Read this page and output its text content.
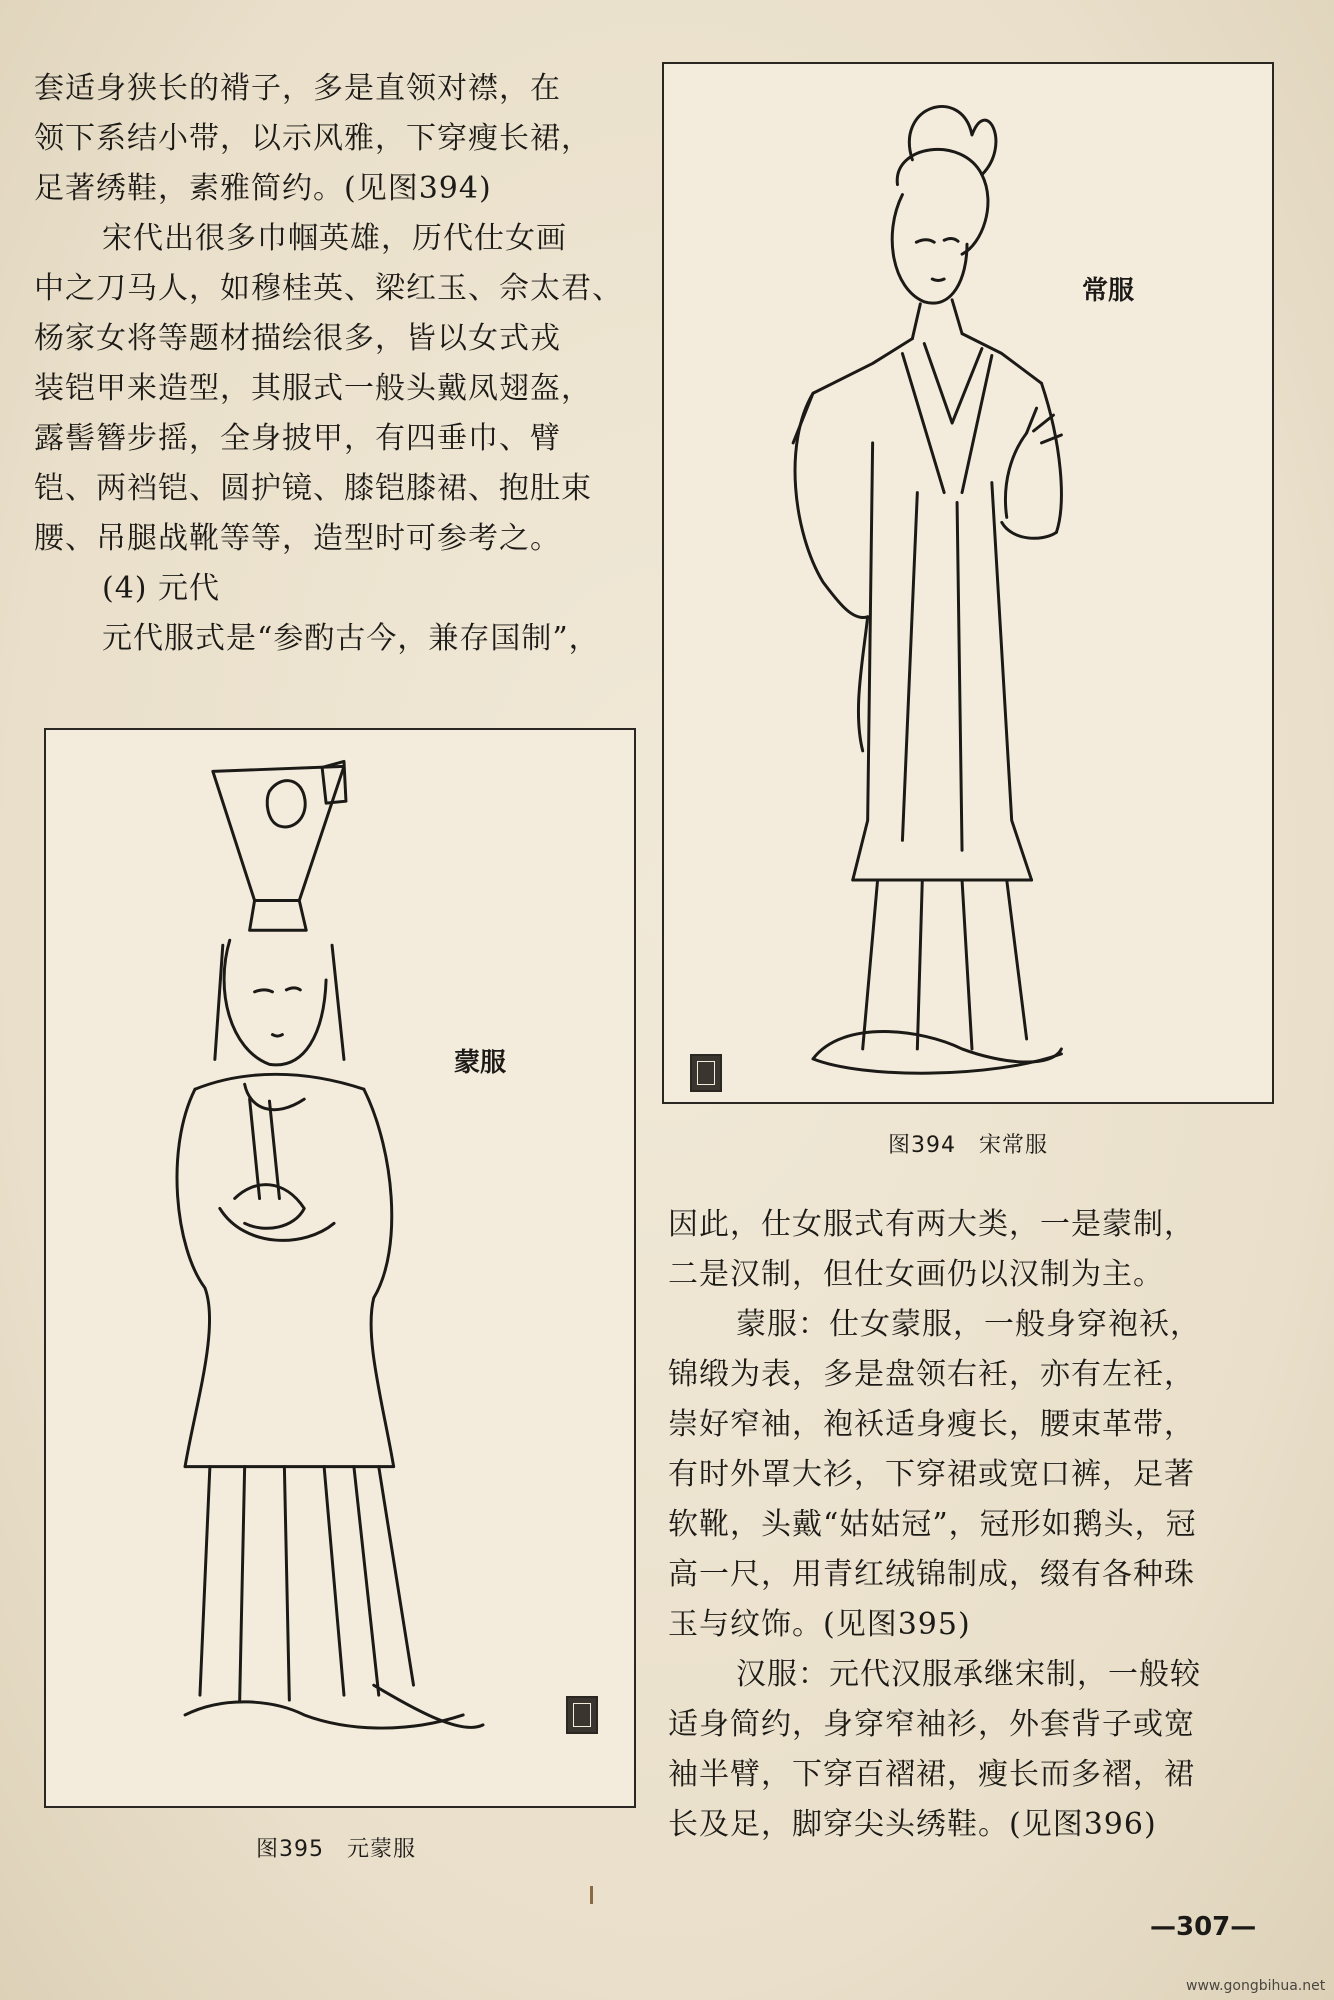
套适身狭长的褙子，多是直领对襟，在

领下系结小带，以示风雅，下穿瘦长裙，

足著绣鞋，素雅简约。(见图394)

宋代出很多巾帼英雄，历代仕女画

中之刀马人，如穆桂英、梁红玉、佘太君、

杨家女将等题材描绘很多，皆以女式戎

装铠甲来造型，其服式一般头戴凤翅盔，

露髻簪步摇，全身披甲，有四垂巾、臂

铠、两裆铠、圆护镜、膝铠膝裙、抱肚束

腰、吊腿战靴等等，造型时可参考之。

(4) 元代

元代服式是“参酌古今，兼存国制”，

常服
图394　宋常服
蒙服
图395　元蒙服

因此，仕女服式有两大类，一是蒙制，

二是汉制，但仕女画仍以汉制为主。

蒙服：仕女蒙服，一般身穿袍袄，

锦缎为表，多是盘领右衽，亦有左衽，

崇好窄袖，袍袄适身瘦长，腰束革带，

有时外罩大衫，下穿裙或宽口裤，足著

软靴，头戴“姑姑冠”，冠形如鹅头，冠

高一尺，用青红绒锦制成，缀有各种珠

玉与纹饰。(见图395)

汉服：元代汉服承继宋制，一般较

适身简约，身穿窄袖衫，外套背子或宽

袖半臂，下穿百褶裙，瘦长而多褶，裙

长及足，脚穿尖头绣鞋。(见图396)

—307—
www.gongbihua.net
